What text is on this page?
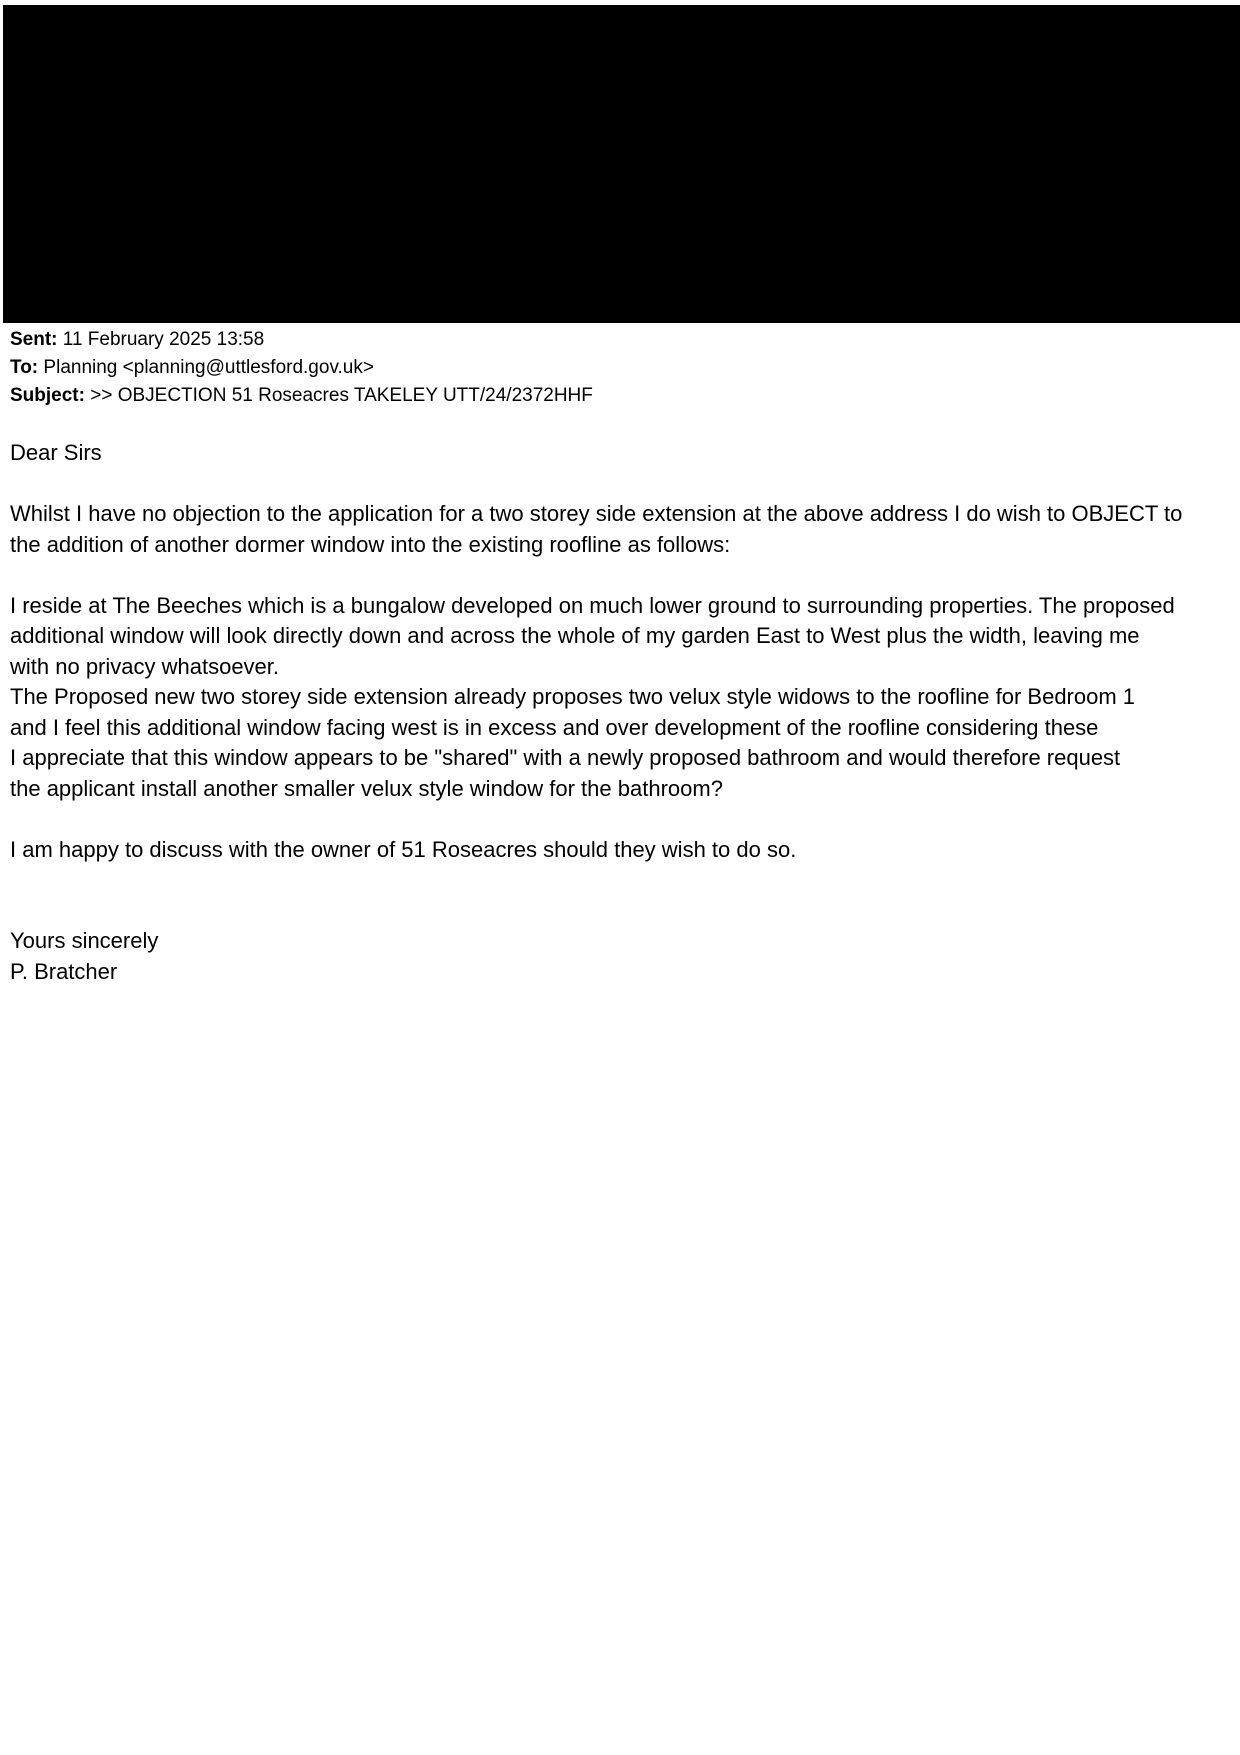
Sent: 11 February 2025 13:58
To: Planning <planning@uttlesford.gov.uk>
Subject: >> OBJECTION 51 Roseacres TAKELEY UTT/24/2372HHF
Dear Sirs
Whilst I have no objection to the application for a two storey side extension at the above address I do wish to OBJECT to
the addition of another dormer window into the existing roofline as follows:
I reside at The Beeches which is a bungalow developed on much lower ground to surrounding properties. The proposed
additional window will look directly down and across the whole of my garden East to West plus the width, leaving me
with no privacy whatsoever.
The Proposed new two storey side extension already proposes two velux style widows to the roofline for Bedroom 1
and I feel this additional window facing west is in excess and over development of the roofline considering these
I appreciate that this window appears to be "shared" with a newly proposed bathroom and would therefore request
the applicant install another smaller velux style window for the bathroom?
I am happy to discuss with the owner of 51 Roseacres should they wish to do so.
Yours sincerely
P. Bratcher
